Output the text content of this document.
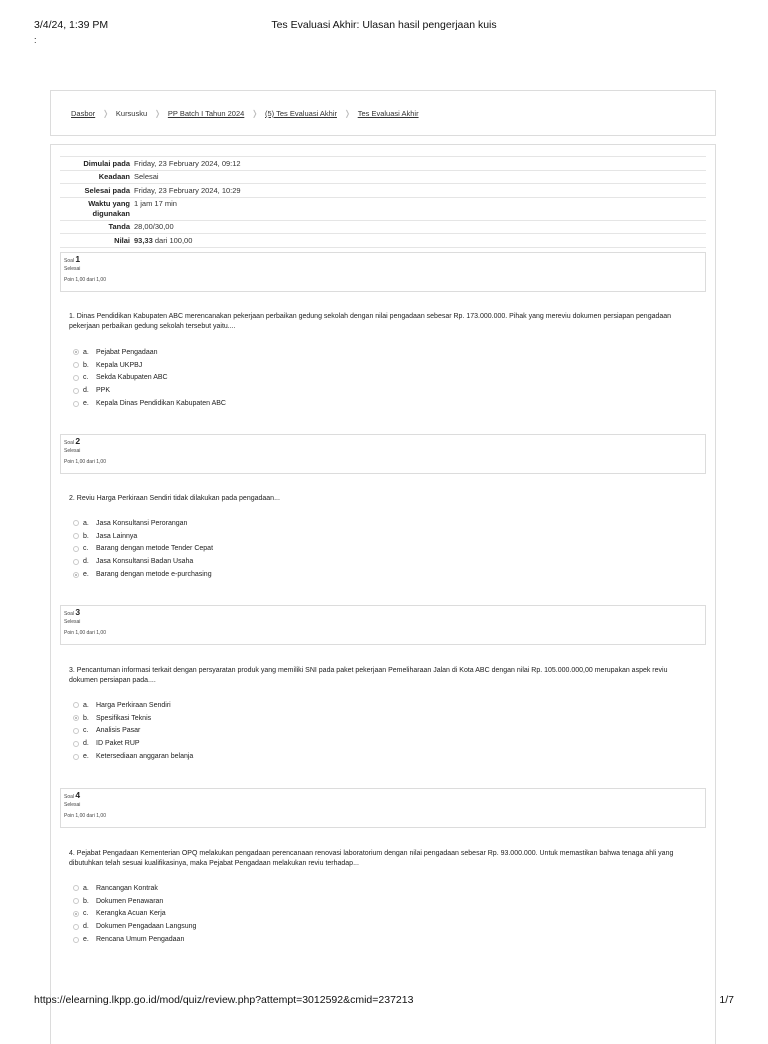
3/4/24, 1:39 PM	Tes Evaluasi Akhir: Ulasan hasil pengerjaan kuis
:
Dasbor ❭ Kursusku ❭ PP Batch I Tahun 2024 ❭ (5) Tes Evaluasi Akhir ❭ Tes Evaluasi Akhir
Dimulai pada Friday, 23 February 2024, 09:12
Keadaan Selesai
Selesai pada Friday, 23 February 2024, 10:29
Waktu yang digunakan
1 jam 17 min
Tanda 28,00/30,00
Nilai 93,33 dari 100,00
Soal 1
Selesai
Poin 1,00 dari 1,00
1. Dinas Pendidikan Kabupaten ABC merencanakan pekerjaan perbaikan gedung sekolah dengan nilai pengadaan sebesar Rp. 173.000.000. Pihak yang mereviu dokumen persiapan pengadaan pekerjaan perbaikan gedung sekolah tersebut yaitu....
a.	Pejabat Pengadaan
b.	Kepala UKPBJ
c.	Sekda Kabupaten ABC
d.	PPK
e.	Kepala Dinas Pendidikan Kabupaten ABC
Soal 2
Selesai
Poin 1,00 dari 1,00
2. Reviu Harga Perkiraan Sendiri tidak dilakukan pada pengadaan...
a.	Jasa Konsultansi Perorangan
b.	Jasa Lainnya
c.	Barang dengan metode Tender Cepat
d.	Jasa Konsultansi Badan Usaha
e.	Barang dengan metode e-purchasing
Soal 3
Selesai
Poin 1,00 dari 1,00
3. Pencantuman informasi terkait dengan persyaratan produk yang memiliki SNI pada paket pekerjaan Pemeliharaan Jalan di Kota ABC dengan nilai Rp. 105.000.000,00 merupakan aspek reviu dokumen persiapan pada....
a.	Harga Perkiraan Sendiri
b.	Spesifikasi Teknis
c.	Analisis Pasar
d.	ID Paket RUP
e.	Ketersediaan anggaran belanja
Soal 4
Selesai
Poin 1,00 dari 1,00
4. Pejabat Pengadaan Kementerian OPQ melakukan pengadaan perencanaan renovasi laboratorium dengan nilai pengadaan sebesar Rp. 93.000.000. Untuk memastikan bahwa tenaga ahli yang dibutuhkan telah sesuai kualifikasinya, maka Pejabat Pengadaan melakukan reviu terhadap...
a.	Rancangan Kontrak
b.	Dokumen Penawaran
c.	Kerangka Acuan Kerja
d.	Dokumen Pengadaan Langsung
e.	Rencana Umum Pengadaan
https://elearning.lkpp.go.id/mod/quiz/review.php?attempt=3012592&cmid=237213	1/7
